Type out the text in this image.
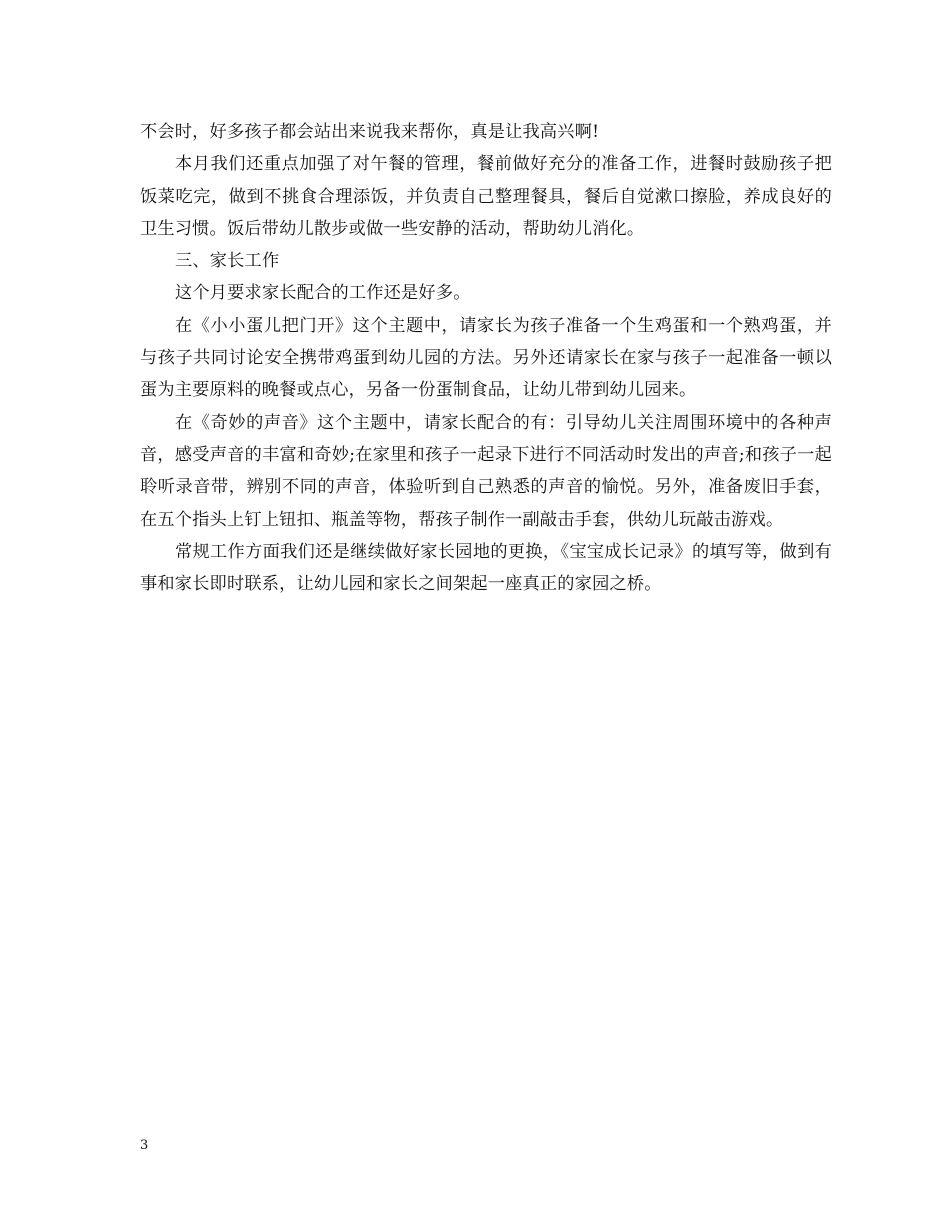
不会时，好多孩子都会站出来说我来帮你，真是让我高兴啊!

本月我们还重点加强了对午餐的管理，餐前做好充分的准备工作，进餐时鼓励孩子把饭菜吃完，做到不挑食合理添饭，并负责自己整理餐具，餐后自觉漱口擦脸，养成良好的卫生习惯。饭后带幼儿散步或做一些安静的活动，帮助幼儿消化。

三、家长工作

这个月要求家长配合的工作还是好多。

在《小小蛋儿把门开》这个主题中，请家长为孩子准备一个生鸡蛋和一个熟鸡蛋，并与孩子共同讨论安全携带鸡蛋到幼儿园的方法。另外还请家长在家与孩子一起准备一顿以蛋为主要原料的晚餐或点心，另备一份蛋制食品，让幼儿带到幼儿园来。

在《奇妙的声音》这个主题中，请家长配合的有：引导幼儿关注周围环境中的各种声音，感受声音的丰富和奇妙;在家里和孩子一起录下进行不同活动时发出的声音;和孩子一起聆听录音带，辨别不同的声音，体验听到自己熟悉的声音的愉悦。另外，准备废旧手套，在五个指头上钉上钮扣、瓶盖等物，帮孩子制作一副敲击手套，供幼儿玩敲击游戏。

常规工作方面我们还是继续做好家长园地的更换，《宝宝成长记录》的填写等，做到有事和家长即时联系，让幼儿园和家长之间架起一座真正的家园之桥。

3
